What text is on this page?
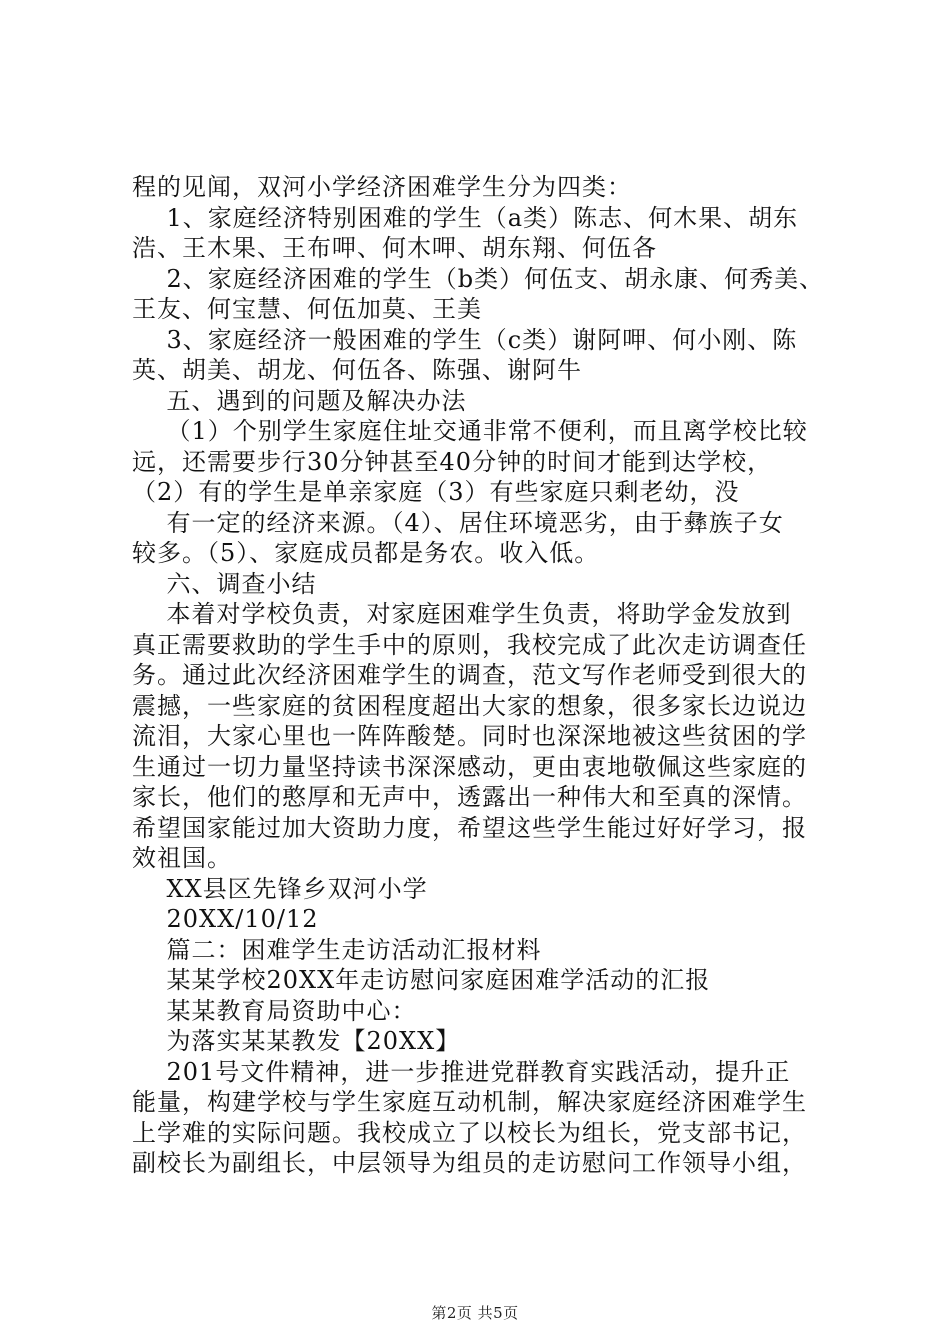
程的见闻，双河小学经济困难学生分为四类：
1、家庭经济特别困难的学生（a类）陈志、何木果、胡东
浩、王木果、王布呷、何木呷、胡东翔、何伍各
2、家庭经济困难的学生（b类）何伍支、胡永康、何秀美、
王友、何宝慧、何伍加莫、王美
3、家庭经济一般困难的学生（c类）谢阿呷、何小刚、陈
英、胡美、胡龙、何伍各、陈强、谢阿牛
五、遇到的问题及解决办法
（1）个别学生家庭住址交通非常不便利，而且离学校比较
远，还需要步行30分钟甚至40分钟的时间才能到达学校，
（2）有的学生是单亲家庭（3）有些家庭只剩老幼，没
有一定的经济来源。（4）、居住环境恶劣，由于彝族子女
较多。（5）、家庭成员都是务农。收入低。
六、调查小结
本着对学校负责，对家庭困难学生负责，将助学金发放到
真正需要救助的学生手中的原则，我校完成了此次走访调查任
务。通过此次经济困难学生的调查，范文写作老师受到很大的
震撼，一些家庭的贫困程度超出大家的想象，很多家长边说边
流泪，大家心里也一阵阵酸楚。同时也深深地被这些贫困的学
生通过一切力量坚持读书深深感动，更由衷地敬佩这些家庭的
家长，他们的憨厚和无声中，透露出一种伟大和至真的深情。
希望国家能过加大资助力度，希望这些学生能过好好学习，报
效祖国。
XX县区先锋乡双河小学
20XX/10/12
篇二：困难学生走访活动汇报材料
某某学校20XX年走访慰问家庭困难学活动的汇报
某某教育局资助中心：
为落实某某教发【20XX】
201号文件精神，进一步推进党群教育实践活动，提升正
能量，构建学校与学生家庭互动机制，解决家庭经济困难学生
上学难的实际问题。我校成立了以校长为组长，党支部书记，
副校长为副组长，中层领导为组员的走访慰问工作领导小组，
第2页 共5页
